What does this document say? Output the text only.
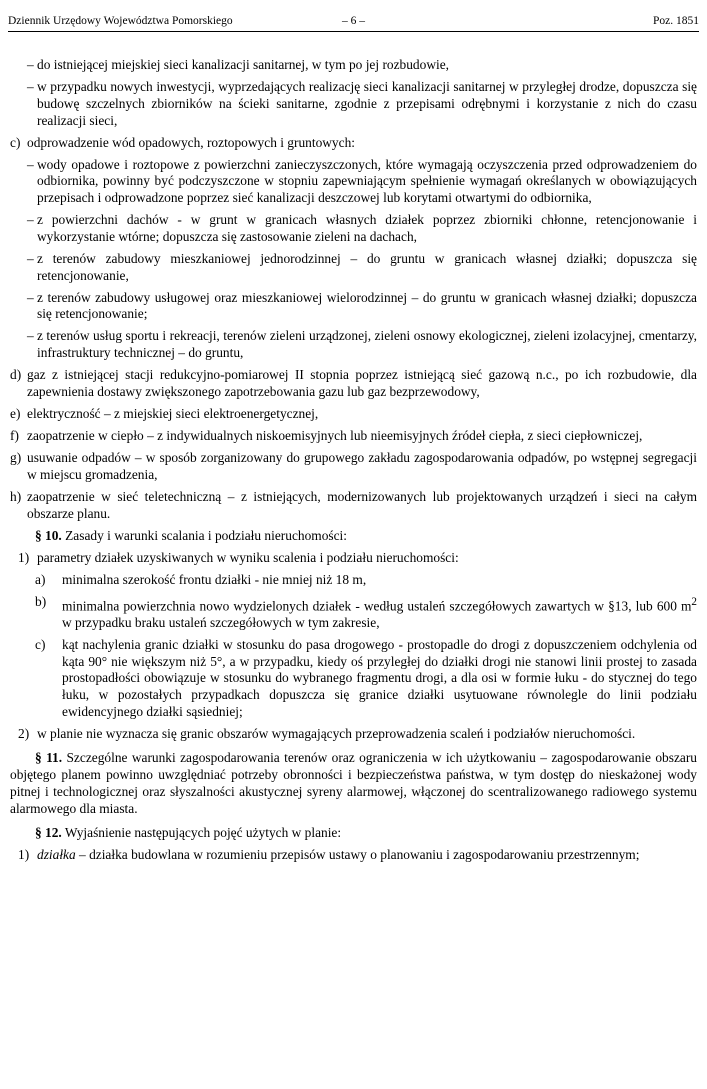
Dziennik Urzędowy Województwa Pomorskiego	– 6 –	Poz. 1851
– do istniejącej miejskiej sieci kanalizacji sanitarnej, w tym po jej rozbudowie,
– w przypadku nowych inwestycji, wyprzedających realizację sieci kanalizacji sanitarnej w przyległej drodze, dopuszcza się budowę szczelnych zbiorników na ścieki sanitarne, zgodnie z przepisami odrębnymi i korzystanie z nich do czasu realizacji sieci,
c) odprowadzenie wód opadowych, roztopowych i gruntowych:
– wody opadowe i roztopowe z powierzchni zanieczyszczonych, które wymagają oczyszczenia przed odprowadzeniem do odbiornika, powinny być podczyszczone w stopniu zapewniającym spełnienie wymagań określanych w obowiązujących przepisach i odprowadzone poprzez sieć kanalizacji deszczowej lub korytami otwartymi do odbiornika,
– z powierzchni dachów - w grunt w granicach własnych działek poprzez zbiorniki chłonne, retencjonowanie i wykorzystanie wtórne; dopuszcza się zastosowanie zieleni na dachach,
– z terenów zabudowy mieszkaniowej jednorodzinnej – do gruntu w granicach własnej działki; dopuszcza się retencjonowanie,
– z terenów zabudowy usługowej oraz mieszkaniowej wielorodzinnej – do gruntu w granicach własnej działki; dopuszcza się retencjonowanie;
– z terenów usług sportu i rekreacji, terenów zieleni urządzonej, zieleni osnowy ekologicznej, zieleni izolacyjnej, cmentarzy, infrastruktury technicznej – do gruntu,
d) gaz z istniejącej stacji redukcyjno-pomiarowej II stopnia poprzez istniejącą sieć gazową n.c., po ich rozbudowie, dla zapewnienia dostawy zwiększonego zapotrzebowania gazu lub gaz bezprzewodowy,
e) elektryczność – z miejskiej sieci elektroenergetycznej,
f) zaopatrzenie w ciepło – z indywidualnych niskoemisyjnych lub nieemisyjnych źródeł ciepła, z sieci ciepłowniczej,
g) usuwanie odpadów – w sposób zorganizowany do grupowego zakładu zagospodarowania odpadów, po wstępnej segregacji w miejscu gromadzenia,
h) zaopatrzenie w sieć teletechniczną – z istniejących, modernizowanych lub projektowanych urządzeń i sieci na całym obszarze planu.

§ 10. Zasady i warunki scalania i podziału nieruchomości:

1) parametry działek uzyskiwanych w wyniku scalenia i podziału nieruchomości:
a) minimalna szerokość frontu działki - nie mniej niż 18 m,
b) minimalna powierzchnia nowo wydzielonych działek - według ustaleń szczegółowych zawartych w §13, lub 600 $m^2$ w przypadku braku ustaleń szczegółowych w tym zakresie,
c) kąt nachylenia granic działki w stosunku do pasa drogowego - prostopadle do drogi z dopuszczeniem odchylenia od kąta 90° nie większym niż 5°, a w przypadku, kiedy oś przyległej do działki drogi nie stanowi linii prostej to zasada prostopadłości obowiązuje w stosunku do wybranego fragmentu drogi, a dla osi w formie łuku - do stycznej do tego łuku, w pozostałych przypadkach dopuszcza się granice działki usytuowane równolegle do linii podziału ewidencyjnego działki sąsiedniej;
2) w planie nie wyznacza się granic obszarów wymagających przeprowadzenia scaleń i podziałów nieruchomości.

§ 11. Szczególne warunki zagospodarowania terenów oraz ograniczenia w ich użytkowaniu – zagospodarowanie obszaru objętego planem powinno uwzględniać potrzeby obronności i bezpieczeństwa państwa, w tym dostęp do nieskażonej wody pitnej i technologicznej oraz słyszalności akustycznej syreny alarmowej, włączonej do scentralizowanego radiowego systemu alarmowego dla miasta.

§ 12. Wyjaśnienie następujących pojęć użytych w planie:

1) działka – działka budowlana w rozumieniu przepisów ustawy o planowaniu i zagospodarowaniu przestrzennym;
